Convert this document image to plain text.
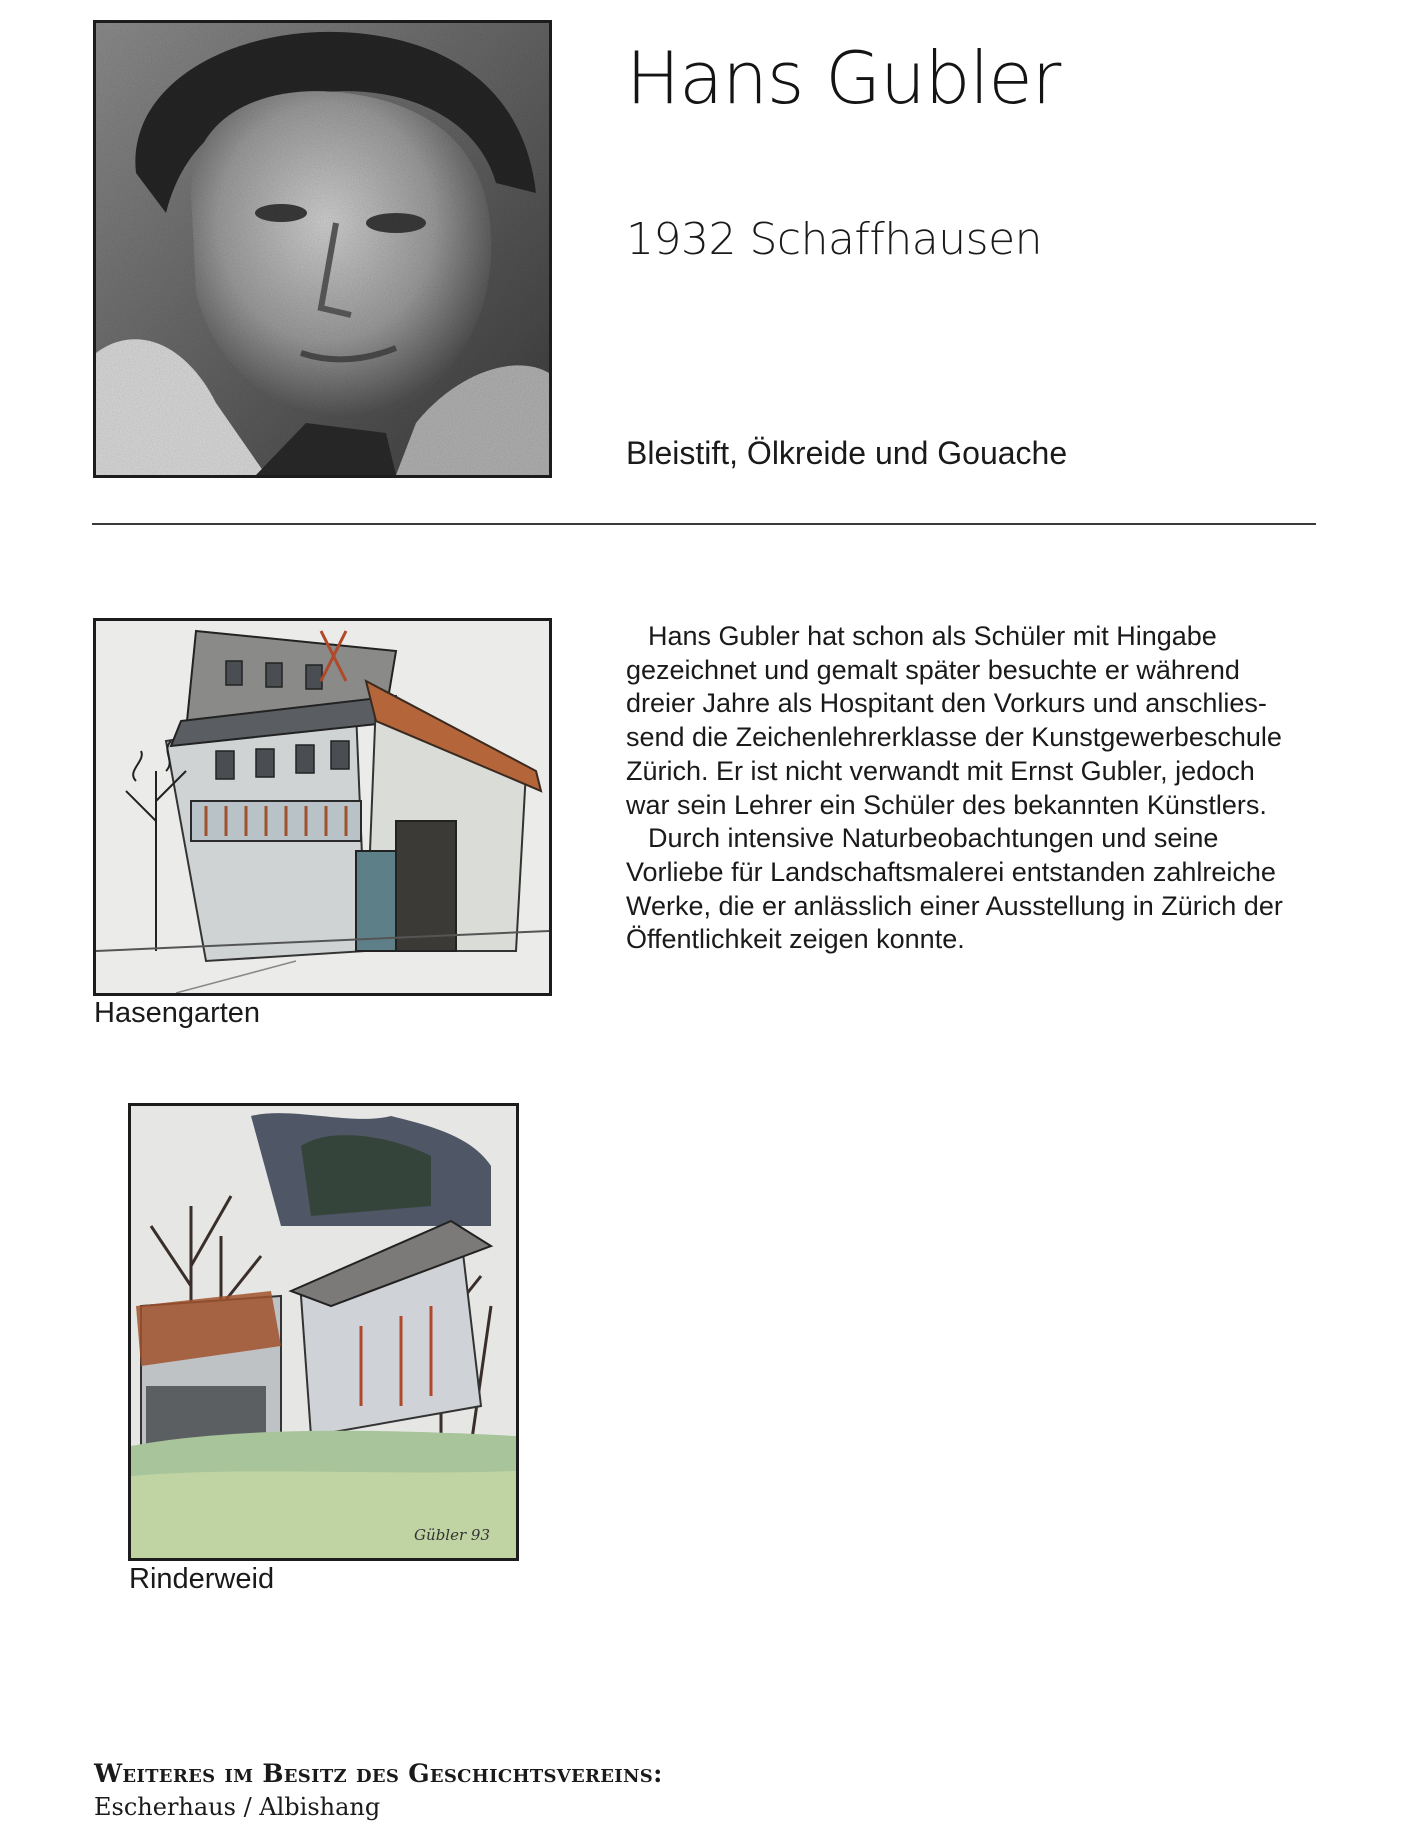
Hans Gubler

1932 Schaffhausen

Bleistift, Ölkreide und Gouache

Hasengarten

Hans Gubler hat schon als Schüler mit Hingabe gezeichnet und gemalt später besuchte er während dreier Jahre als Hospitant den Vorkurs und anschlies-send die Zeichenlehrerklasse der Kunstgewerbeschule Zürich. Er ist nicht verwandt mit Ernst Gubler, jedoch war sein Lehrer ein Schüler des bekannten Künstlers.

Durch intensive Naturbeobachtungen und seine Vorliebe für Landschaftsmalerei entstanden zahlreiche Werke, die er anlässlich einer Ausstellung in Zürich der Öffentlichkeit zeigen konnte.

Gübler 93

Rinderweid

Weiteres im Besitz des Geschichtsvereins:

Escherhaus / Albishang
